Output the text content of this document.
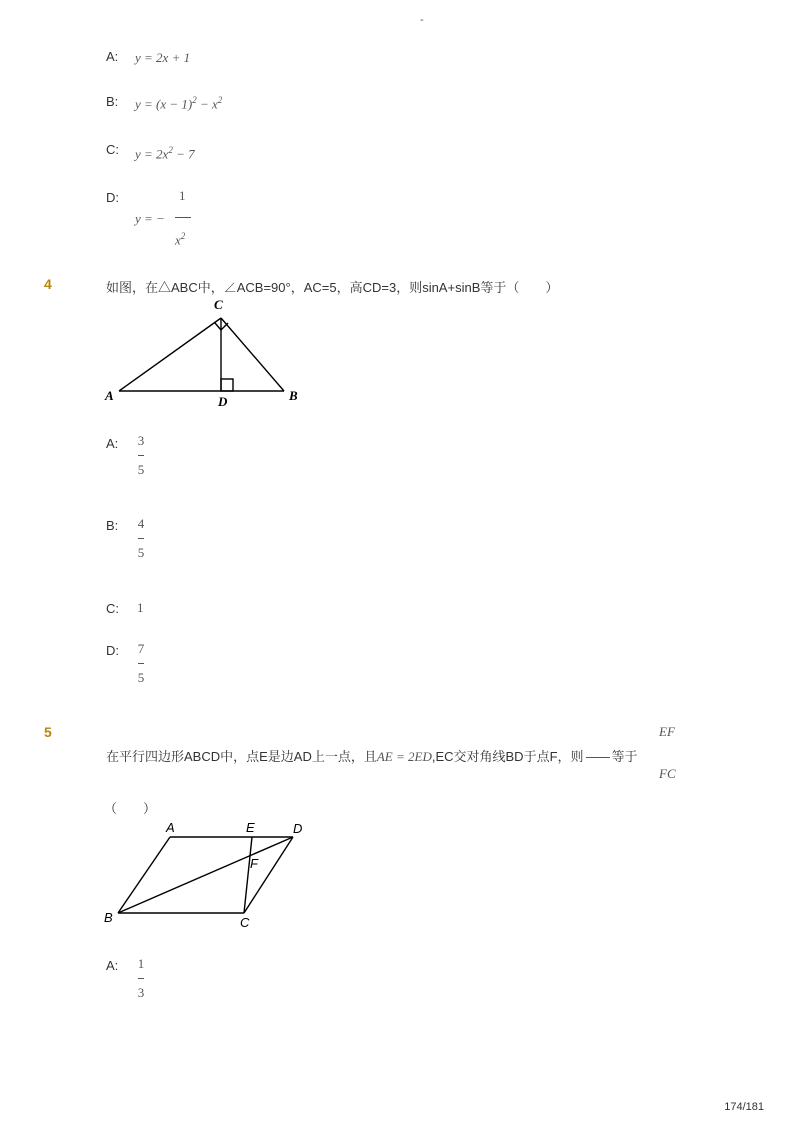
-
A: y = 2x + 1
B: $y = (x - 1)^2 - x^2$
C: $y = 2x^2 - 7$
D:
y = −
1
$x^2$
4	如图，在△ABC中，∠ACB=90°，AC=5，高CD=3，则sinA+sinB等于（　　）
C
A	D	B
A:	3
5
B:	4
5
C: 1
D:	7
5
5
在平行四边形ABCD中，点E是边AD上一点，且AE = 2ED,EC交对角线BD于点F，则 等于
EF
FC
（　　）
A	E	D
F
B	C
A:	1
3
174/181
